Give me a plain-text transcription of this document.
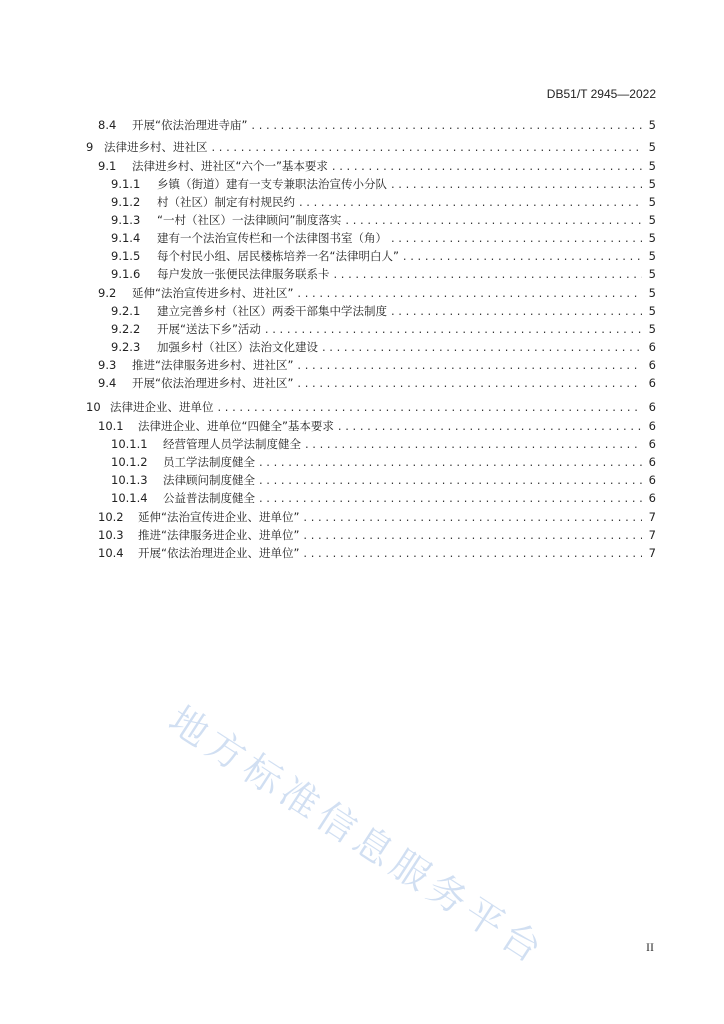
DB51/T 2945—2022
8.4	开展“依法治理进寺庙” . . .	5
9 法律进乡村、进社区 . . .	5
9.1	法律进乡村、进社区“六个一”基本要求 . . .	5
9.1.1	乡镇（街道）建有一支专兼职法治宣传小分队 . . .	5
9.1.2	村（社区）制定有村规民约 . . .	5
9.1.3	“一村（社区）一法律顾问”制度落实 . . .	5
9.1.4	建有一个法治宣传栏和一个法律图书室（角） . . .	5
9.1.5	每个村民小组、居民楼栋培养一名“法律明白人” . . .	5
9.1.6	每户发放一张便民法律服务联系卡 . . .	5
9.2	延伸“法治宣传进乡村、进社区” . . .	5
9.2.1	建立完善乡村（社区）两委干部集中学法制度 . . .	5
9.2.2	开展“送法下乡”活动 . . .	5
9.2.3	加强乡村（社区）法治文化建设 . . .	6
9.3	推进“法律服务进乡村、进社区” . . .	6
9.4	开展“依法治理进乡村、进社区” . . .	6
10 法律进企业、进单位 . . .	6
10.1	法律进企业、进单位“四健全”基本要求 . . .	6
10.1.1	经营管理人员学法制度健全 . . .	6
10.1.2	员工学法制度健全 . . .	6
10.1.3	法律顾问制度健全 . . .	6
10.1.4	公益普法制度健全 . . .	6
10.2	延伸“法治宣传进企业、进单位” . . .	7
10.3	推进“法律服务进企业、进单位” . . .	7
10.4	开展“依法治理进企业、进单位” . . .	7
地方标准信息服务平台	II
